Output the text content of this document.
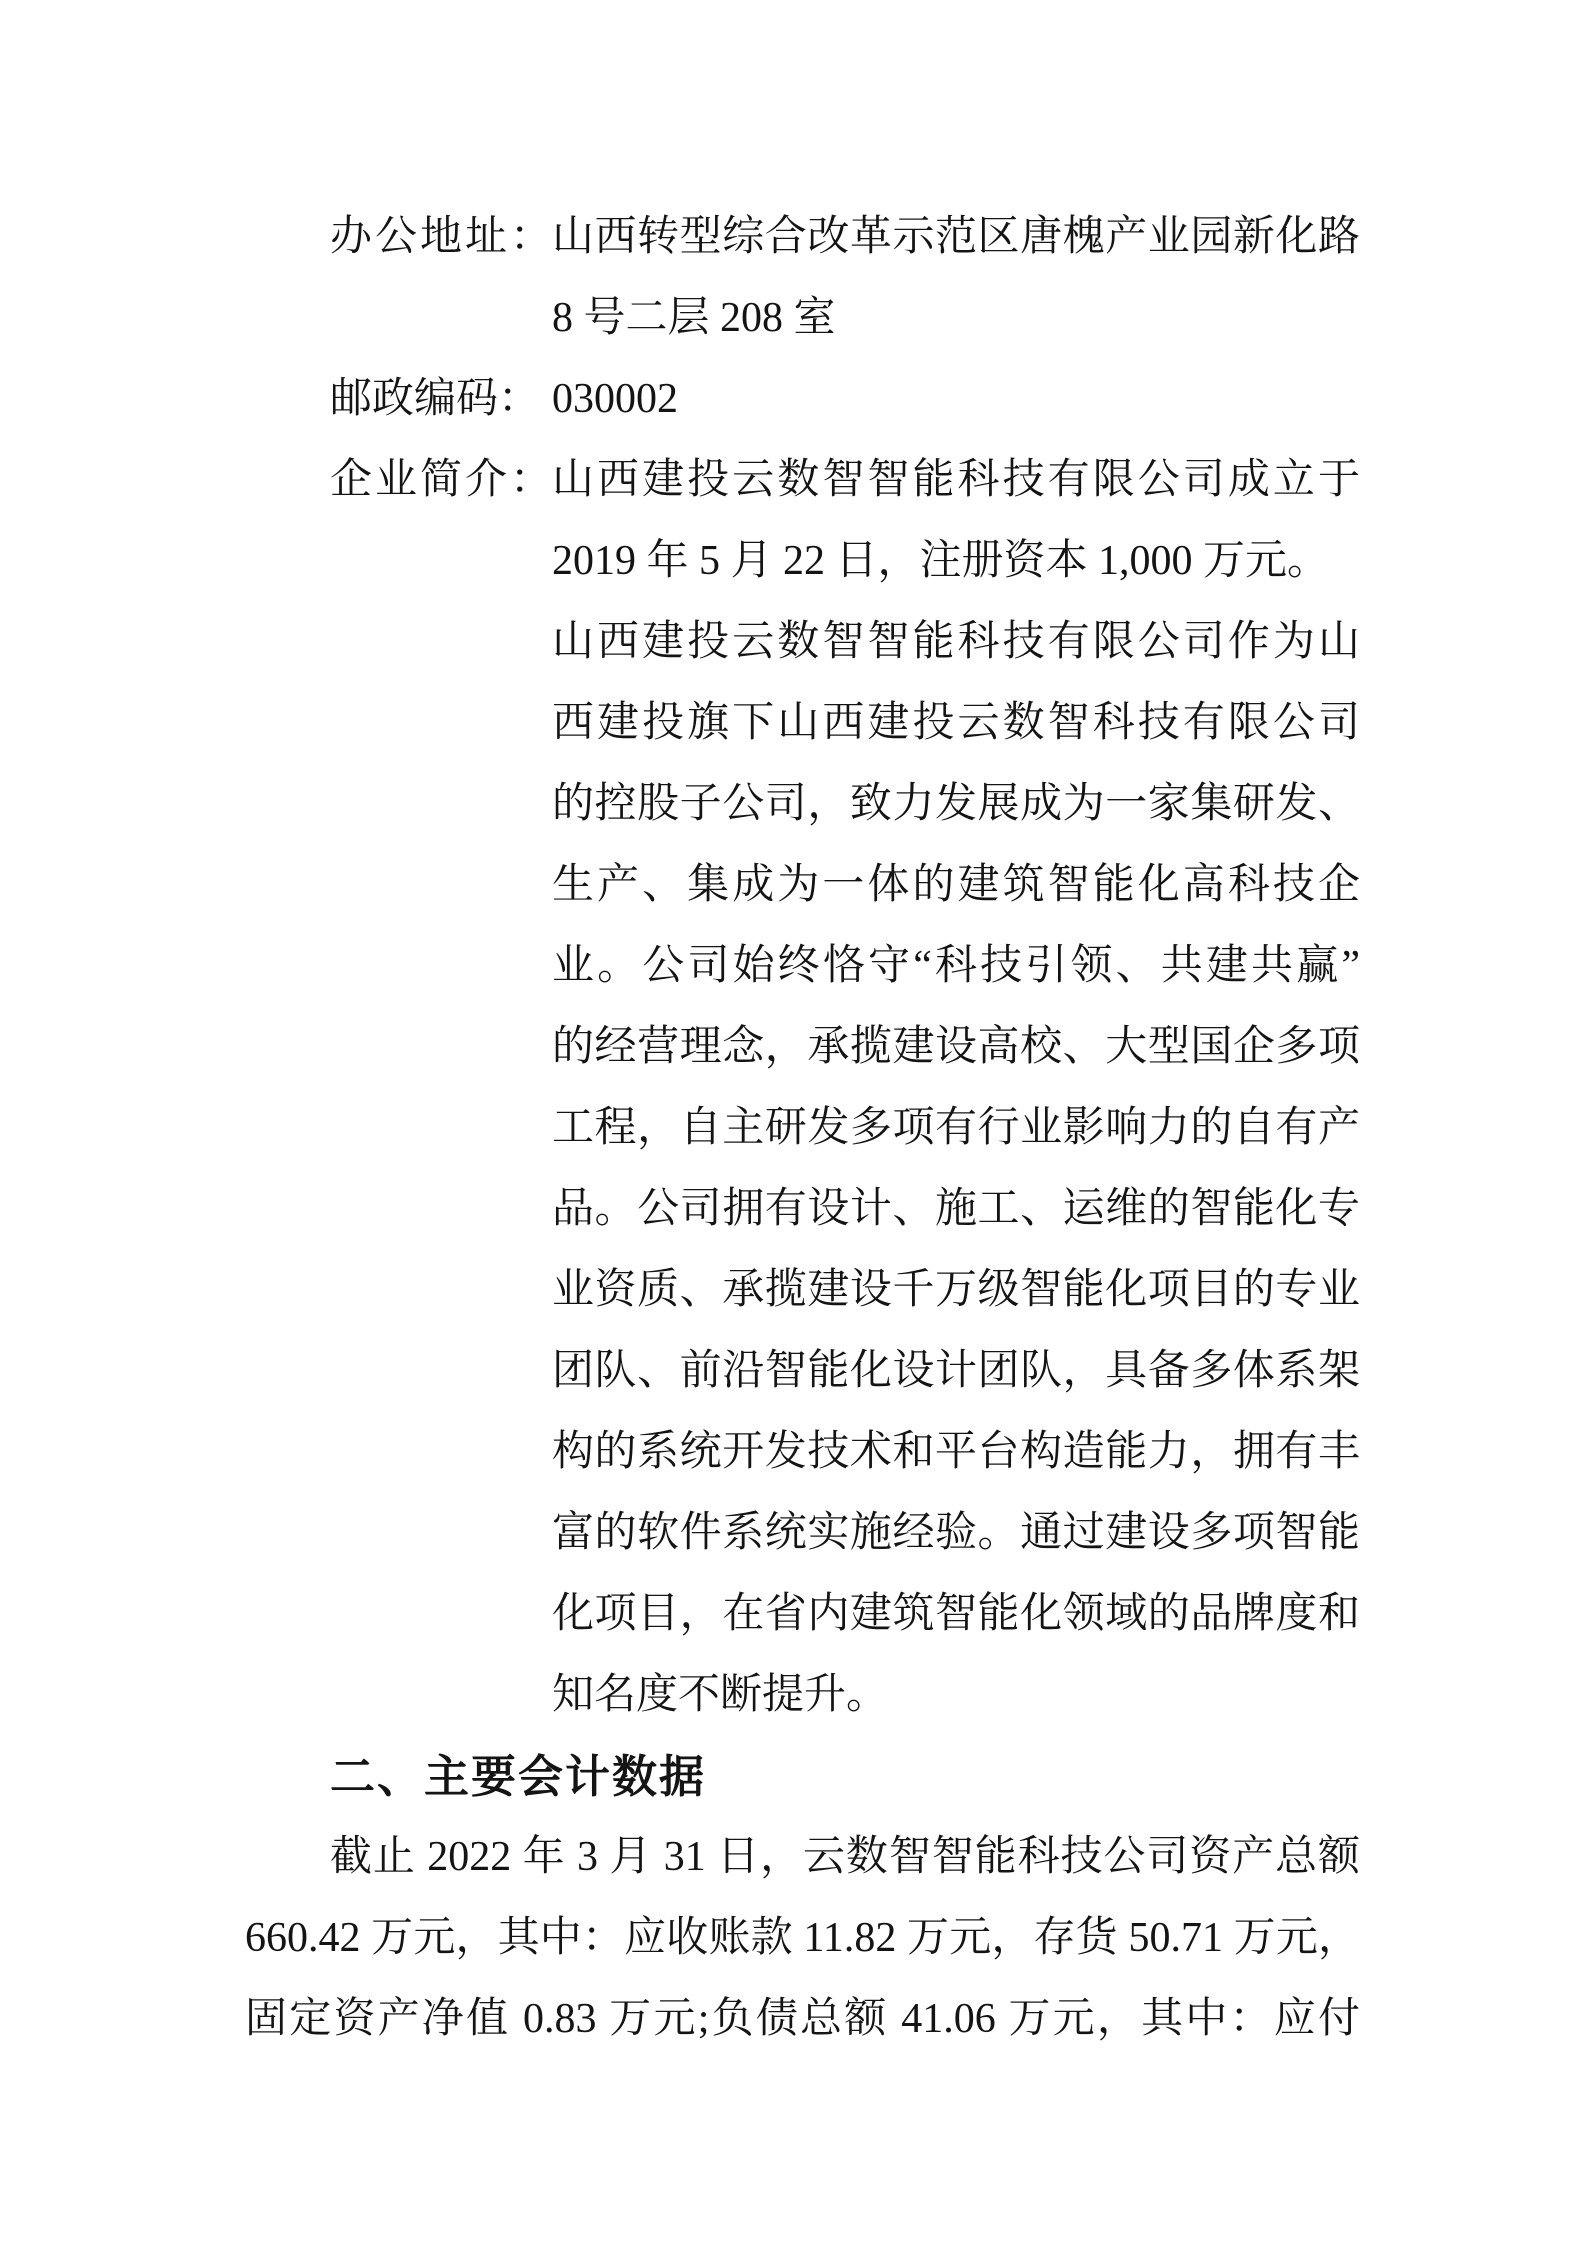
办公地址： 山西转型综合改革示范区唐槐产业园新化路
8 号二层 208 室
邮政编码： 030002
企业简介： 山西建投云数智智能科技有限公司成立于
2019 年 5 月 22 日，注册资本 1,000 万元。
山西建投云数智智能科技有限公司作为山
西建投旗下山西建投云数智科技有限公司
的控股子公司，致力发展成为一家集研发、
生产、集成为一体的建筑智能化高科技企
业。公司始终恪守“科技引领、共建共赢”
的经营理念，承揽建设高校、大型国企多项
工程，自主研发多项有行业影响力的自有产
品。公司拥有设计、施工、运维的智能化专
业资质、承揽建设千万级智能化项目的专业
团队、前沿智能化设计团队，具备多体系架
构的系统开发技术和平台构造能力，拥有丰
富的软件系统实施经验。通过建设多项智能
化项目，在省内建筑智能化领域的品牌度和
知名度不断提升。
二、主要会计数据
截止 2022 年 3 月 31 日，云数智智能科技公司资产总额
660.42 万元，其中：应收账款 11.82 万元，存货 50.71 万元，
固定资产净值 0.83 万元;负债总额 41.06 万元，其中：应付
